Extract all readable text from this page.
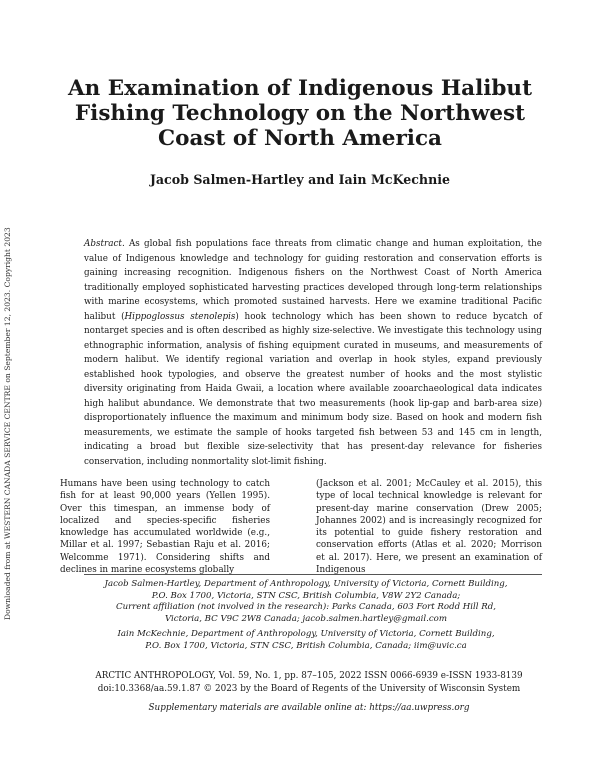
Downloaded from at WESTERN CANADA SERVICE CENTRE on September 12, 2023. Copyright 2023
An Examination of Indigenous Halibut
Fishing Technology on the Northwest
Coast of North America

Jacob Salmen-Hartley and Iain McKechnie

Abstract. As global fish populations face threats from climatic change and human exploitation, the value of Indigenous knowledge and technology for guiding restoration and conservation efforts is gaining increasing recognition. Indigenous fishers on the Northwest Coast of North America traditionally employed sophisticated harvesting practices developed through long-term relationships with marine ecosystems, which promoted sustained harvests. Here we examine traditional Pacific halibut (Hippoglossus stenolepis) hook technology which has been shown to reduce bycatch of nontarget species and is often described as highly size-selective. We investigate this technology using ethnographic information, analysis of fishing equipment curated in museums, and measurements of modern halibut. We identify regional variation and overlap in hook styles, expand previously established hook typologies, and observe the greatest number of hooks and the most stylistic diversity originating from Haida Gwaii, a location where available zooarchaeological data indicates high halibut abundance. We demonstrate that two measurements (hook lip-gap and barb-area size) disproportionately influence the maximum and minimum body size. Based on hook and modern fish measurements, we estimate the sample of hooks targeted fish between 53 and 145 cm in length, indicating a broad but flexible size-selectivity that has present-day relevance for fisheries conservation, including nonmortality slot-limit fishing.

Humans have been using technology to catch fish for at least 90,000 years (Yellen 1995). Over this timespan, an immense body of localized and species-specific fisheries knowledge has accumulated worldwide (e.g., Millar et al. 1997; Sebastian Raju et al. 2016; Welcomme 1971). Considering shifts and declines in marine ecosystems globally

(Jackson et al. 2001; McCauley et al. 2015), this type of local technical knowledge is relevant for present-day marine conservation (Drew 2005; Johannes 2002) and is increasingly recognized for its potential to guide fishery restoration and conservation efforts (Atlas et al. 2020; Morrison et al. 2017). Here, we present an examination of Indigenous

Jacob Salmen-Hartley, Department of Anthropology, University of Victoria, Cornett Building,
P.O. Box 1700, Victoria, STN CSC, British Columbia, V8W 2Y2 Canada;
Current affiliation (not involved in the research): Parks Canada, 603 Fort Rodd Hill Rd,
Victoria, BC V9C 2W8 Canada; jacob.salmen.hartley@gmail.com

Iain McKechnie, Department of Anthropology, University of Victoria, Cornett Building,
P.O. Box 1700, Victoria, STN CSC, British Columbia, Canada; iim@uvic.ca

ARCTIC ANTHROPOLOGY, Vol. 59, No. 1, pp. 87–105, 2022 ISSN 0066-6939 e-ISSN 1933-8139
doi:10.3368/aa.59.1.87 © 2023 by the Board of Regents of the University of Wisconsin System

Supplementary materials are available online at: https://aa.uwpress.org
